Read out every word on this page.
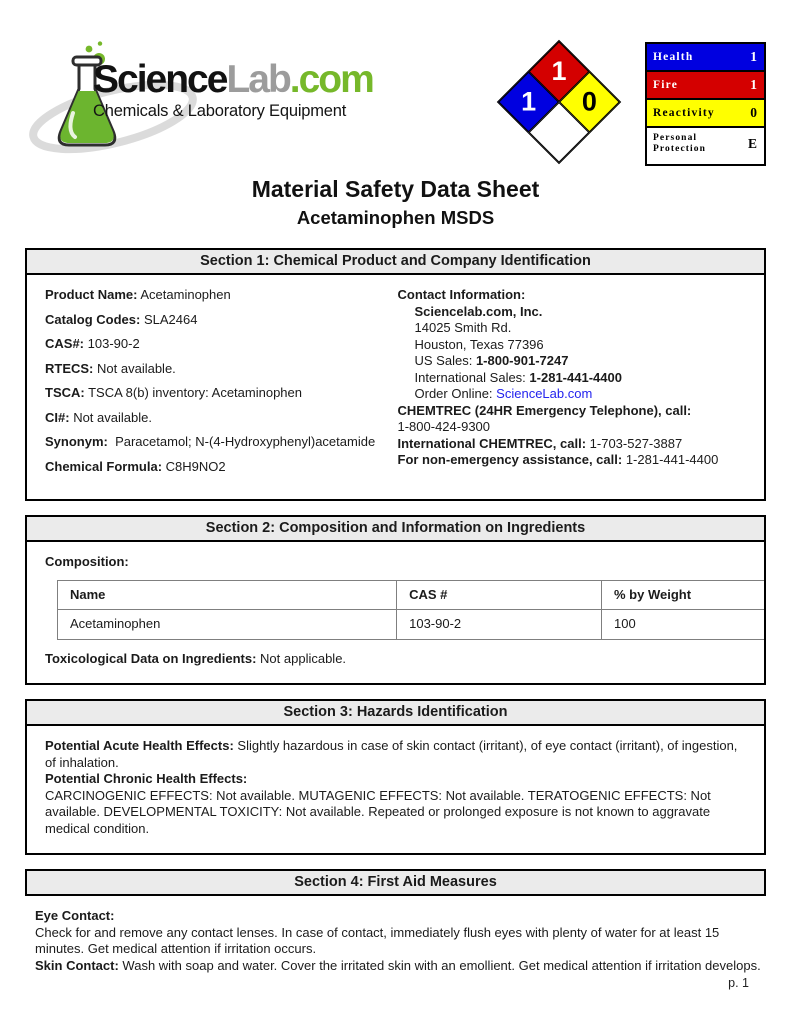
ScienceLab.com
Chemicals & Laboratory Equipment
1
0
1
Health	1
Fire	1
Reactivity	0
Personal Protection	E
Material Safety Data Sheet
Acetaminophen MSDS
Section 1: Chemical Product and Company Identification

Product Name: Acetaminophen

Catalog Codes: SLA2464

CAS#: 103-90-2

RTECS: Not available.

TSCA: TSCA 8(b) inventory: Acetaminophen

CI#: Not available.

Synonym: Paracetamol; N-(4-Hydroxyphenyl)acetamide

Chemical Formula: C8H9NO2

Contact Information:

Sciencelab.com, Inc.

14025 Smith Rd.

Houston, Texas 77396

US Sales: 1-800-901-7247

International Sales: 1-281-441-4400

Order Online: ScienceLab.com

CHEMTREC (24HR Emergency Telephone), call:

1-800-424-9300

International CHEMTREC, call: 1-703-527-3887

For non-emergency assistance, call: 1-281-441-4400

Section 2: Composition and Information on Ingredients

Composition:

Name	CAS #	% by Weight
Acetaminophen	103-90-2	100

Toxicological Data on Ingredients: Not applicable.

Section 3: Hazards Identification

Potential Acute Health Effects: Slightly hazardous in case of skin contact (irritant), of eye contact (irritant), of ingestion, of inhalation.

Potential Chronic Health Effects:

CARCINOGENIC EFFECTS: Not available. MUTAGENIC EFFECTS: Not available. TERATOGENIC EFFECTS: Not available. DEVELOPMENTAL TOXICITY: Not available. Repeated or prolonged exposure is not known to aggravate medical condition.

Section 4: First Aid Measures

Eye Contact:

Check for and remove any contact lenses. In case of contact, immediately flush eyes with plenty of water for at least 15 minutes. Get medical attention if irritation occurs.

Skin Contact: Wash with soap and water. Cover the irritated skin with an emollient. Get medical attention if irritation develops.

p. 1
